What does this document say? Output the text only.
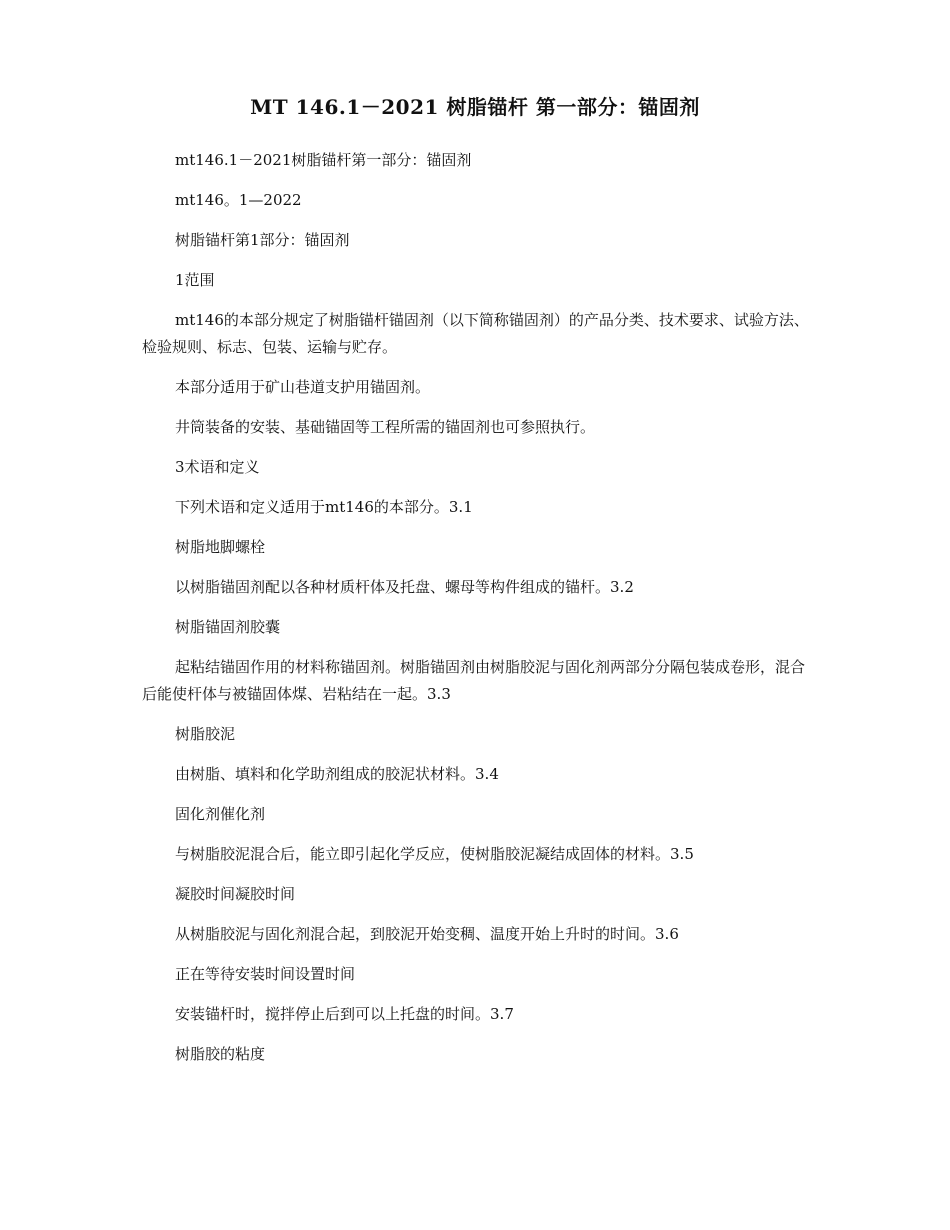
MT 146.1－2021 树脂锚杆 第一部分：锚固剂

mt146.1－2021树脂锚杆第一部分：锚固剂

mt146。1—2022

树脂锚杆第1部分：锚固剂

1范围

mt146的本部分规定了树脂锚杆锚固剂（以下简称锚固剂）的产品分类、技术要求、试验方法、检验规则、标志、包装、运输与贮存。

本部分适用于矿山巷道支护用锚固剂。

井筒装备的安装、基础锚固等工程所需的锚固剂也可参照执行。

3术语和定义

下列术语和定义适用于mt146的本部分。3.1

树脂地脚螺栓

以树脂锚固剂配以各种材质杆体及托盘、螺母等构件组成的锚杆。3.2

树脂锚固剂胶囊

起粘结锚固作用的材料称锚固剂。树脂锚固剂由树脂胶泥与固化剂两部分分隔包装成卷形，混合后能使杆体与被锚固体煤、岩粘结在一起。3.3

树脂胶泥

由树脂、填料和化学助剂组成的胶泥状材料。3.4

固化剂催化剂

与树脂胶泥混合后，能立即引起化学反应，使树脂胶泥凝结成固体的材料。3.5

凝胶时间凝胶时间

从树脂胶泥与固化剂混合起，到胶泥开始变稠、温度开始上升时的时间。3.6

正在等待安装时间设置时间

安装锚杆时，搅拌停止后到可以上托盘的时间。3.7

树脂胶的粘度
